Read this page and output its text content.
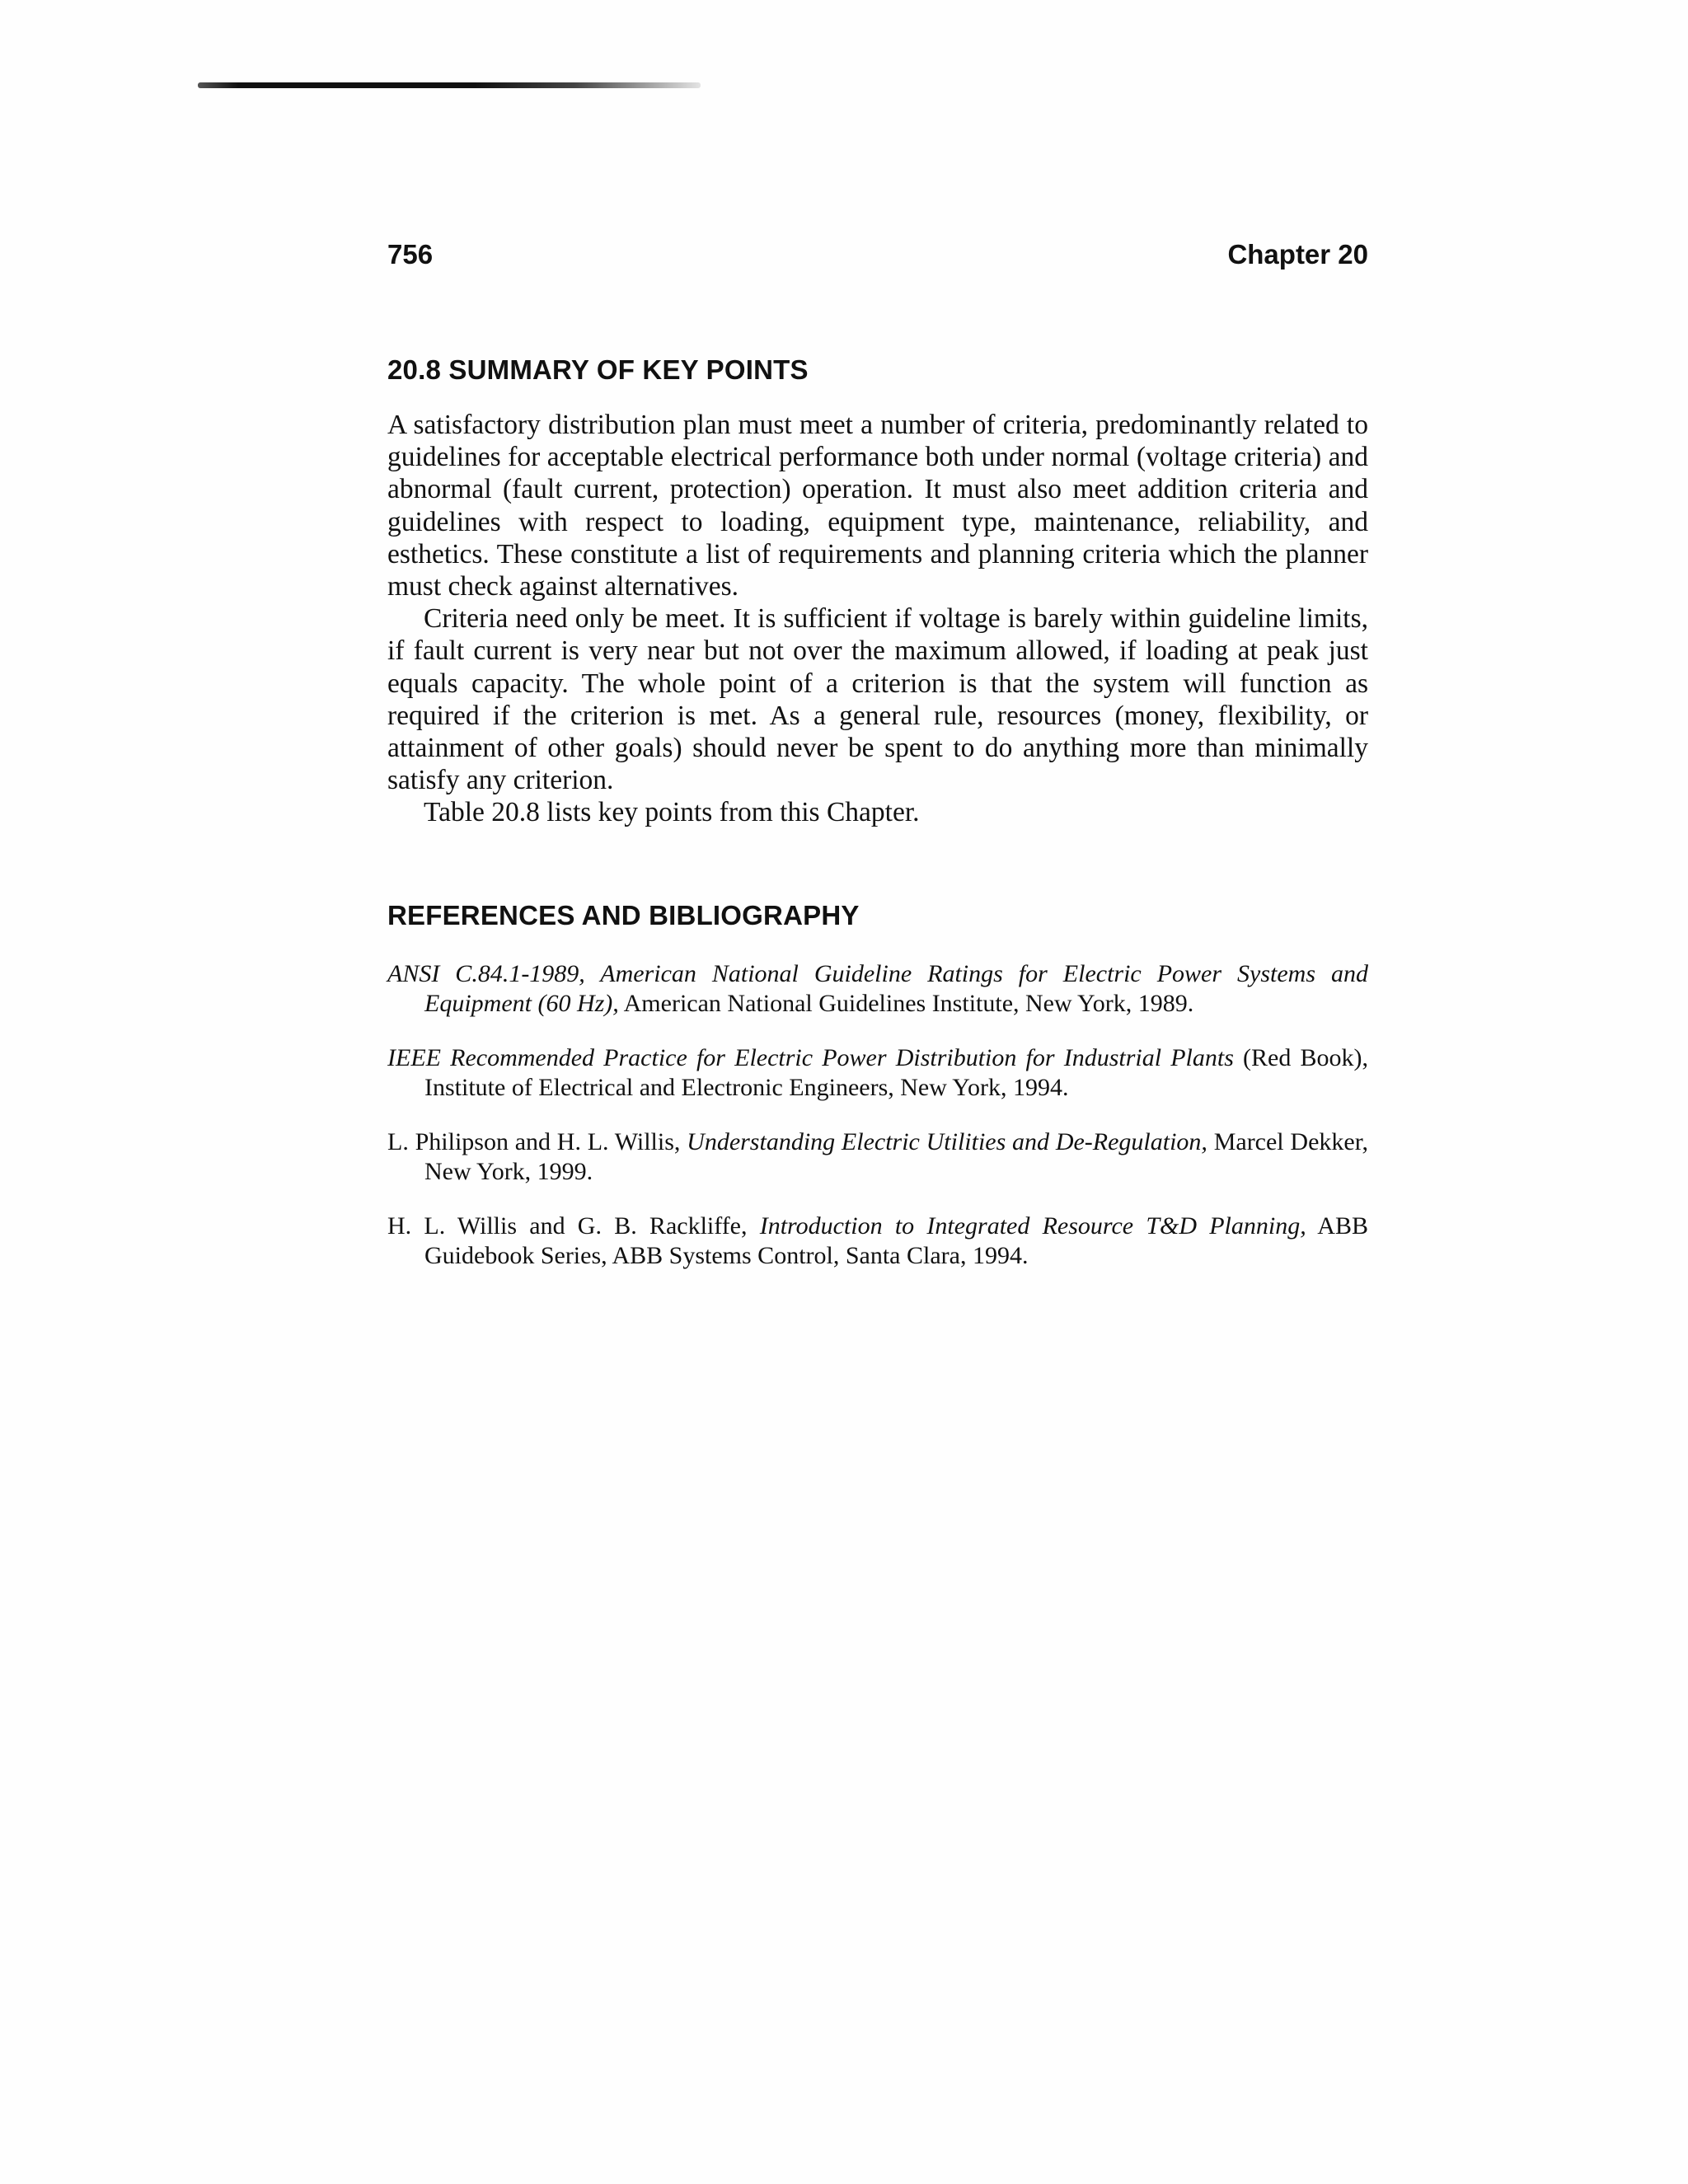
756	Chapter 20
20.8 SUMMARY OF KEY POINTS

A satisfactory distribution plan must meet a number of criteria, predominantly related to guidelines for acceptable electrical performance both under normal (voltage criteria) and abnormal (fault current, protection) operation. It must also meet addition criteria and guidelines with respect to loading, equipment type, maintenance, reliability, and esthetics. These constitute a list of requirements and planning criteria which the planner must check against alternatives.

Criteria need only be meet. It is sufficient if voltage is barely within guideline limits, if fault current is very near but not over the maximum allowed, if loading at peak just equals capacity. The whole point of a criterion is that the system will function as required if the criterion is met. As a general rule, resources (money, flexibility, or attainment of other goals) should never be spent to do anything more than minimally satisfy any criterion.

Table 20.8 lists key points from this Chapter.

REFERENCES AND BIBLIOGRAPHY

ANSI C.84.1-1989, American National Guideline Ratings for Electric Power Systems and Equipment (60 Hz), American National Guidelines Institute, New York, 1989.

IEEE Recommended Practice for Electric Power Distribution for Industrial Plants (Red Book), Institute of Electrical and Electronic Engineers, New York, 1994.

L. Philipson and H. L. Willis, Understanding Electric Utilities and De-Regulation, Marcel Dekker, New York, 1999.

H. L. Willis and G. B. Rackliffe, Introduction to Integrated Resource T&D Planning, ABB Guidebook Series, ABB Systems Control, Santa Clara, 1994.
